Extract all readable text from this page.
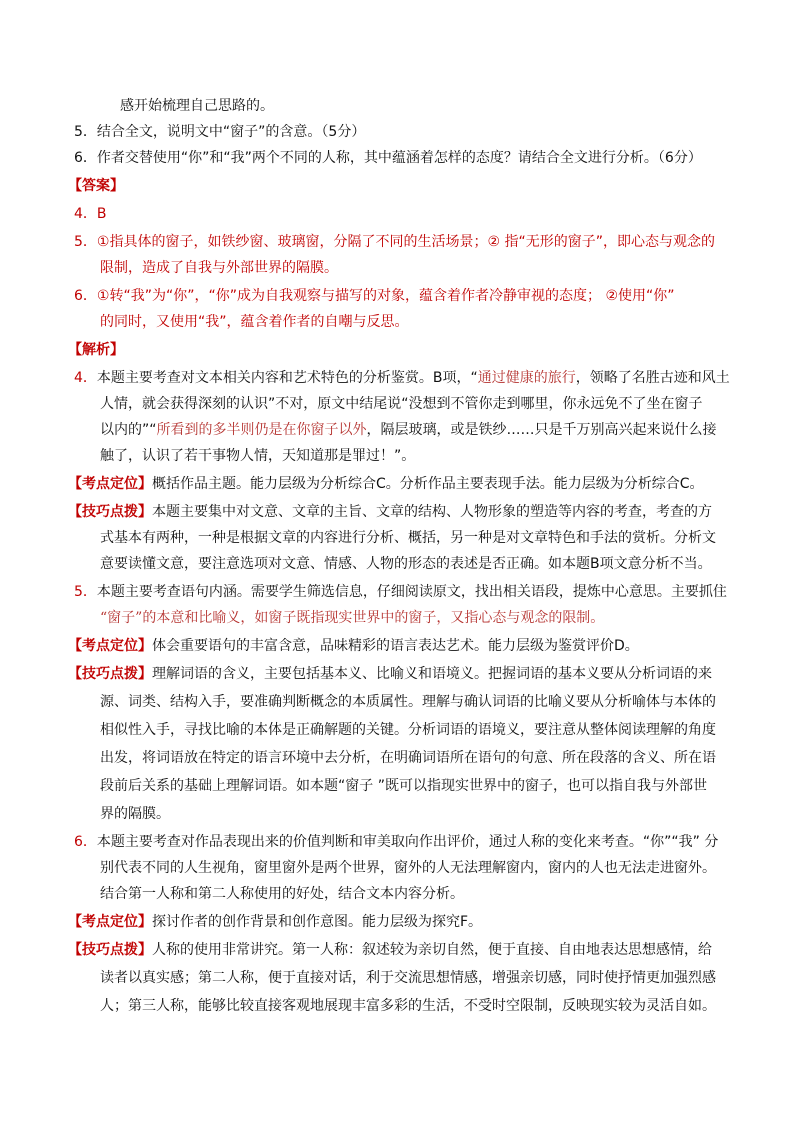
感开始梳理自己思路的。
5．结合全文，说明文中“窗子”的含意。（5分）
6．作者交替使用“你”和“我”两个不同的人称，其中蕴涵着怎样的态度？请结合全文进行分析。（6分）
【答案】
4．B
5．①指具体的窗子，如铁纱窗、玻璃窗，分隔了不同的生活场景；② 指“无形的窗子”，即心态与观念的
限制，造成了自我与外部世界的隔膜。
6．①转“我”为“你”，“你”成为自我观察与描写的对象，蕴含着作者冷静审视的态度； ②使用“你”
的同时，又使用“我”，蕴含着作者的自嘲与反思。
【解析】
4．本题主要考查对文本相关内容和艺术特色的分析鉴赏。B项，“通过健康的旅行，领略了名胜古迹和风土
人情，就会获得深刻的认识”不对，原文中结尾说“没想到不管你走到哪里，你永远免不了坐在窗子
以内的”“所看到的多半则仍是在你窗子以外，隔层玻璃，或是铁纱……只是千万别高兴起来说什么接
触了，认识了若干事物人情，天知道那是罪过！”。
【考点定位】概括作品主题。能力层级为分析综合C。分析作品主要表现手法。能力层级为分析综合C。
【技巧点拨】本题主要集中对文意、文章的主旨、文章的结构、人物形象的塑造等内容的考查，考查的方
式基本有两种，一种是根据文章的内容进行分析、概括，另一种是对文章特色和手法的赏析。分析文
意要读懂文意，要注意选项对文意、情感、人物的形态的表述是否正确。如本题B项文意分析不当。
5．本题主要考查语句内涵。需要学生筛选信息，仔细阅读原文，找出相关语段，提炼中心意思。主要抓住
“窗子”的本意和比喻义，如窗子既指现实世界中的窗子，又指心态与观念的限制。
【考点定位】体会重要语句的丰富含意，品味精彩的语言表达艺术。能力层级为鉴赏评价D。
【技巧点拨】理解词语的含义，主要包括基本义、比喻义和语境义。把握词语的基本义要从分析词语的来
源、词类、结构入手，要准确判断概念的本质属性。理解与确认词语的比喻义要从分析喻体与本体的
相似性入手，寻找比喻的本体是正确解题的关键。分析词语的语境义，要注意从整体阅读理解的角度
出发，将词语放在特定的语言环境中去分析，在明确词语所在语句的句意、所在段落的含义、所在语
段前后关系的基础上理解词语。如本题“窗子 ”既可以指现实世界中的窗子，也可以指自我与外部世
界的隔膜。
6．本题主要考查对作品表现出来的价值判断和审美取向作出评价，通过人称的变化来考查。“你”“我” 分
别代表不同的人生视角，窗里窗外是两个世界，窗外的人无法理解窗内，窗内的人也无法走进窗外。
结合第一人称和第二人称使用的好处，结合文本内容分析。
【考点定位】探讨作者的创作背景和创作意图。能力层级为探究F。
【技巧点拨】人称的使用非常讲究。第一人称：叙述较为亲切自然，便于直接、自由地表达思想感情，给
读者以真实感；第二人称，便于直接对话，利于交流思想情感，增强亲切感，同时使抒情更加强烈感
人；第三人称，能够比较直接客观地展现丰富多彩的生活，不受时空限制，反映现实较为灵活自如。
